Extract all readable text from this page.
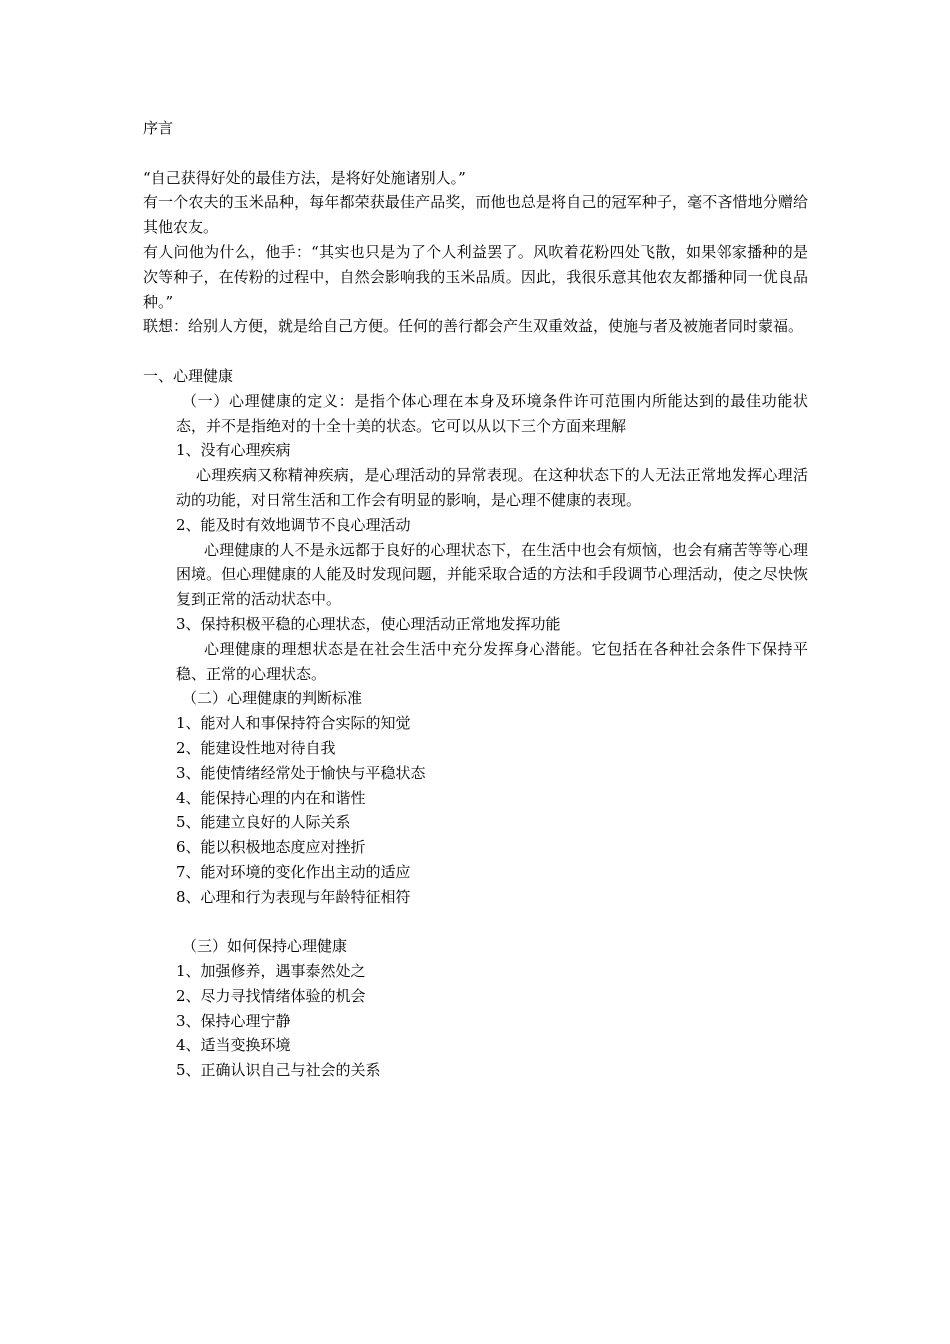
序言

“自己获得好处的最佳方法，是将好处施诸别人。”

有一个农夫的玉米品种，每年都荣获最佳产品奖，而他也总是将自己的冠军种子，毫不吝惜地分赠给其他农友。

有人问他为什么，他手：“其实也只是为了个人利益罢了。风吹着花粉四处飞散，如果邻家播种的是次等种子，在传粉的过程中，自然会影响我的玉米品质。因此，我很乐意其他农友都播种同一优良品种。”

联想：给别人方便，就是给自己方便。任何的善行都会产生双重效益，使施与者及被施者同时蒙福。

一、心理健康

（一）心理健康的定义：是指个体心理在本身及环境条件许可范围内所能达到的最佳功能状态，并不是指绝对的十全十美的状态。它可以从以下三个方面来理解

1、没有心理疾病

心理疾病又称精神疾病，是心理活动的异常表现。在这种状态下的人无法正常地发挥心理活动的功能，对日常生活和工作会有明显的影响，是心理不健康的表现。

2、能及时有效地调节不良心理活动

心理健康的人不是永远都于良好的心理状态下，在生活中也会有烦恼，也会有痛苦等等心理困境。但心理健康的人能及时发现问题，并能采取合适的方法和手段调节心理活动，使之尽快恢复到正常的活动状态中。

3、保持积极平稳的心理状态，使心理活动正常地发挥功能

心理健康的理想状态是在社会生活中充分发挥身心潜能。它包括在各种社会条件下保持平稳、正常的心理状态。

（二）心理健康的判断标准

1、能对人和事保持符合实际的知觉

2、能建设性地对待自我

3、能使情绪经常处于愉快与平稳状态

4、能保持心理的内在和谐性

5、能建立良好的人际关系

6、能以积极地态度应对挫折

7、能对环境的变化作出主动的适应

8、心理和行为表现与年龄特征相符

（三）如何保持心理健康

1、加强修养，遇事泰然处之

2、尽力寻找情绪体验的机会

3、保持心理宁静

4、适当变换环境

5、正确认识自己与社会的关系
